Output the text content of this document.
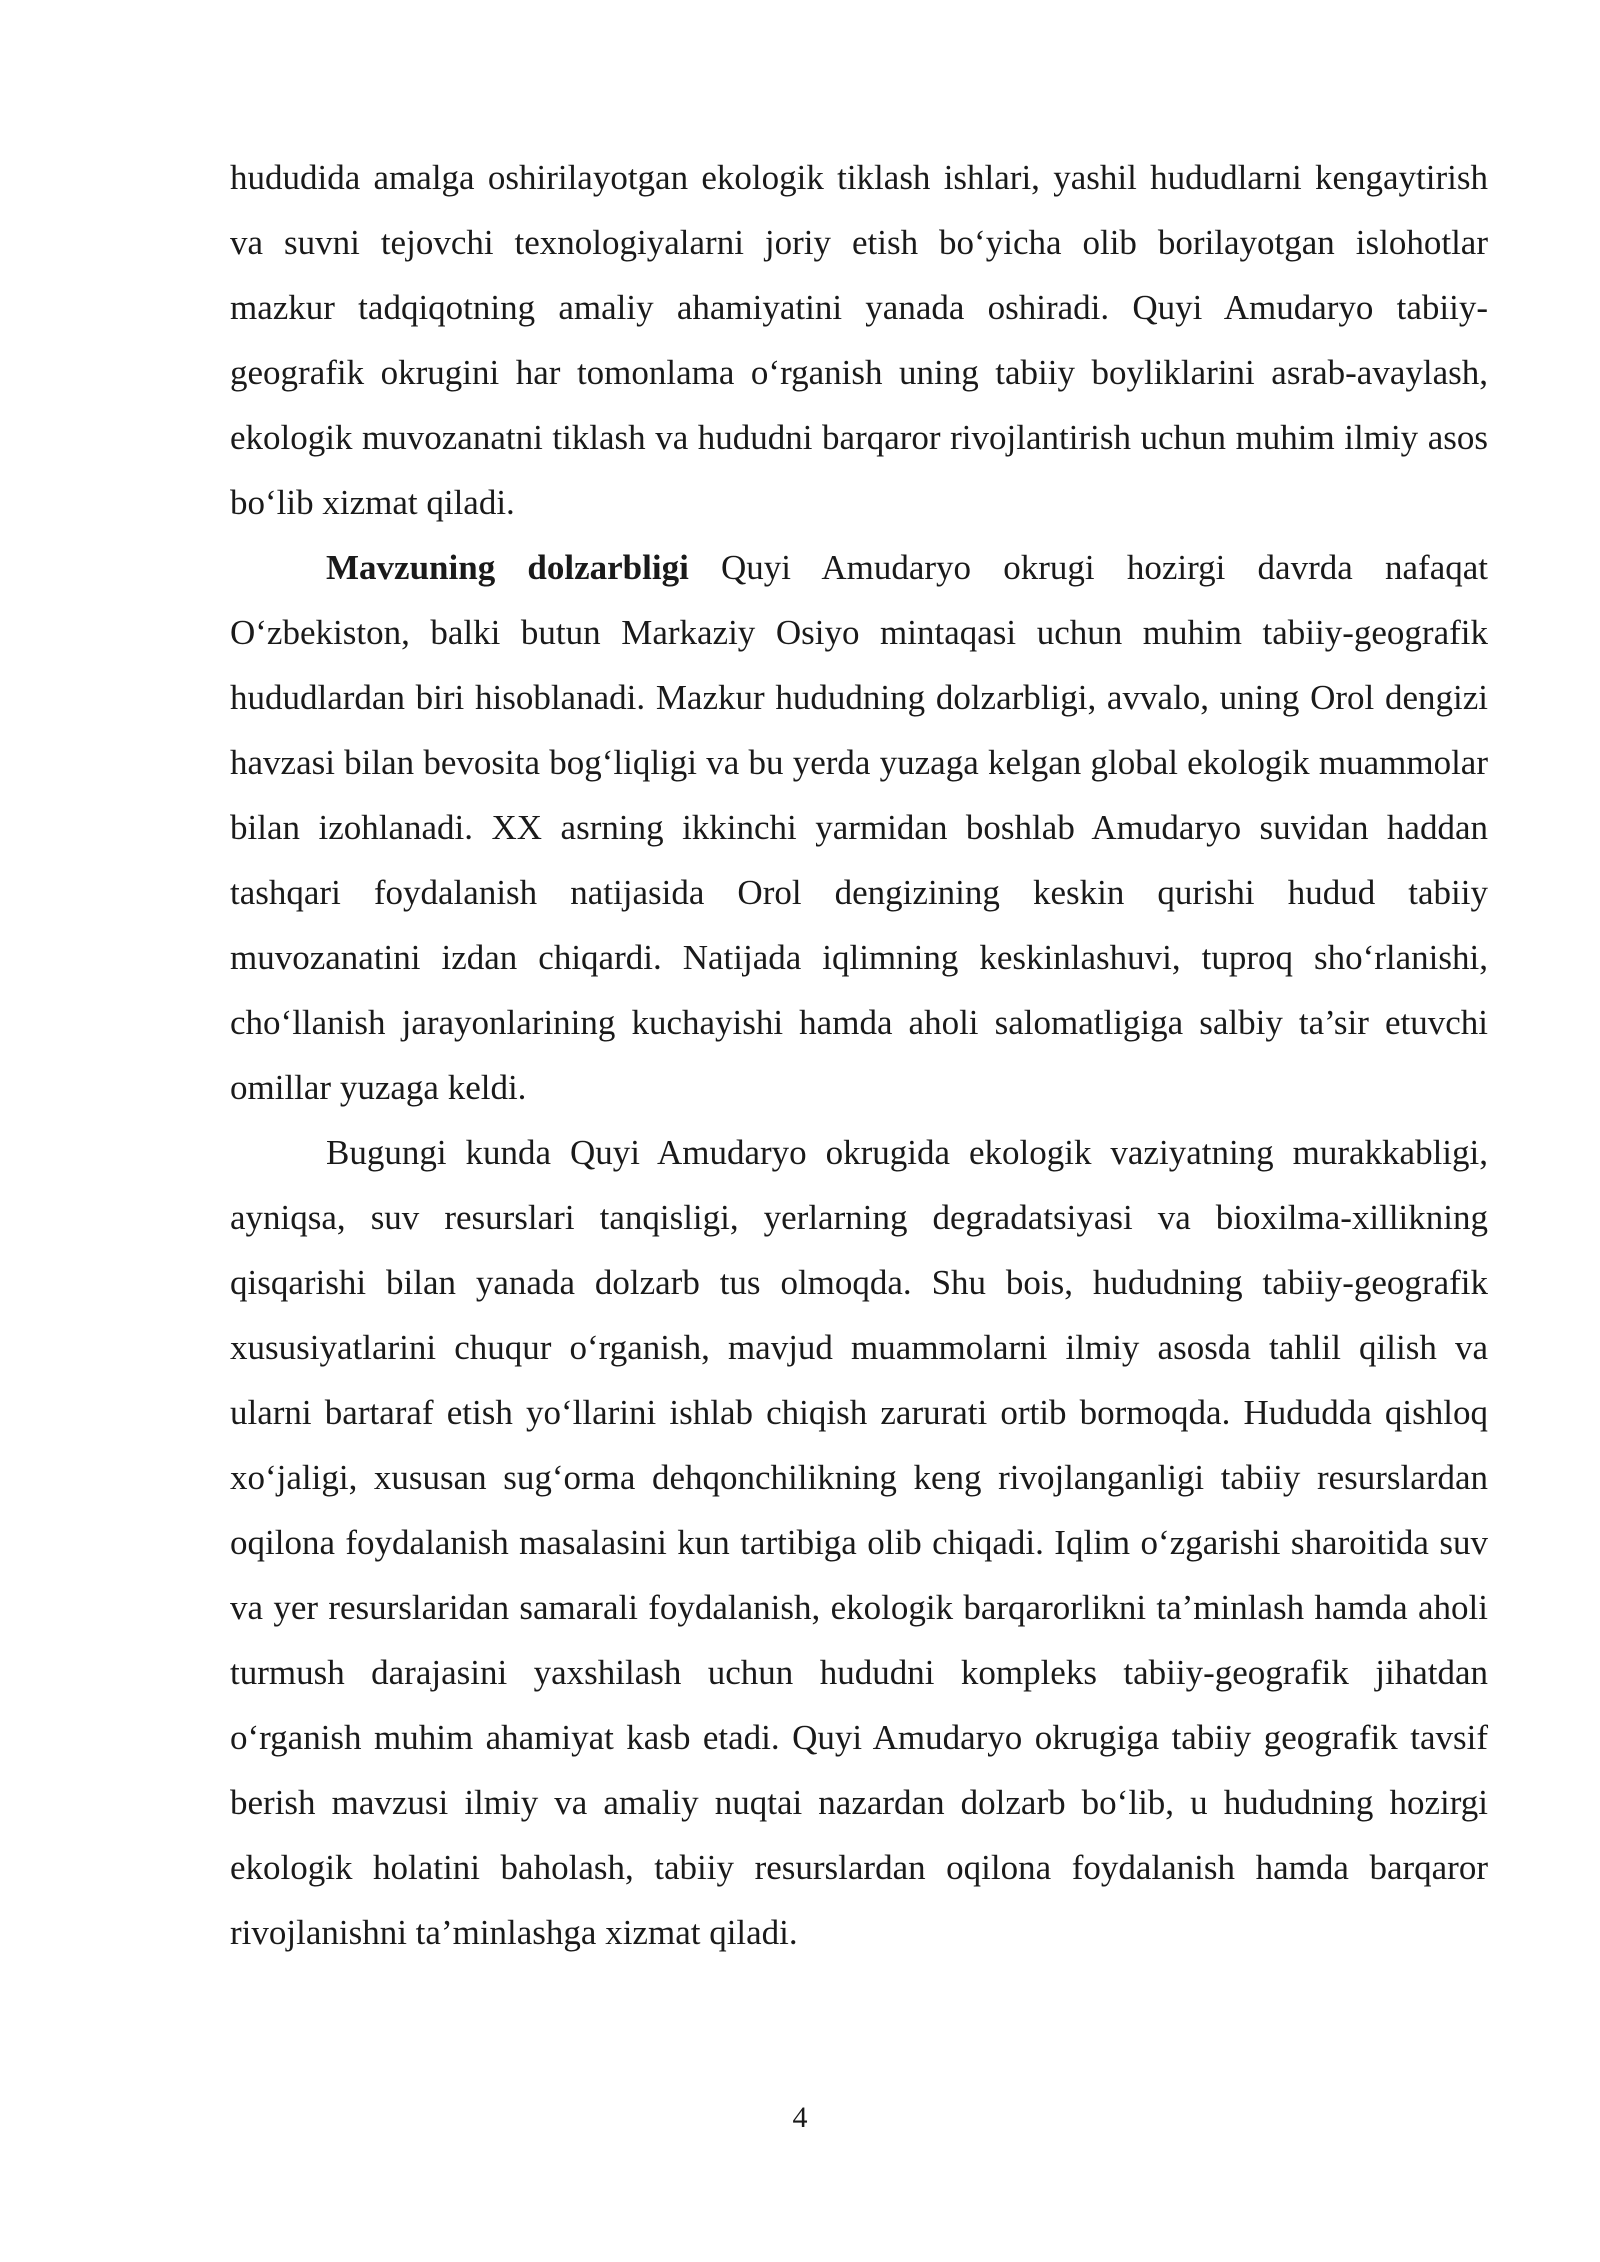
hududida amalga oshirilayotgan ekologik tiklash ishlari, yashil hududlarni kengaytirish va suvni tejovchi texnologiyalarni joriy etish bo‘yicha olib borilayotgan islohotlar mazkur tadqiqotning amaliy ahamiyatini yanada oshiradi. Quyi Amudaryo tabiiy-geografik okrugini har tomonlama o‘rganish uning tabiiy boyliklarini asrab-avaylash, ekologik muvozanatni tiklash va hududni barqaror rivojlantirish uchun muhim ilmiy asos bo‘lib xizmat qiladi.

Mavzuning dolzarbligi Quyi Amudaryo okrugi hozirgi davrda nafaqat O‘zbekiston, balki butun Markaziy Osiyo mintaqasi uchun muhim tabiiy-geografik hududlardan biri hisoblanadi. Mazkur hududning dolzarbligi, avvalo, uning Orol dengizi havzasi bilan bevosita bog‘liqligi va bu yerda yuzaga kelgan global ekologik muammolar bilan izohlanadi. XX asrning ikkinchi yarmidan boshlab Amudaryo suvidan haddan tashqari foydalanish natijasida Orol dengizining keskin qurishi hudud tabiiy muvozanatini izdan chiqardi. Natijada iqlimning keskinlashuvi, tuproq sho‘rlanishi, cho‘llanish jarayonlarining kuchayishi hamda aholi salomatligiga salbiy ta’sir etuvchi omillar yuzaga keldi.

Bugungi kunda Quyi Amudaryo okrugida ekologik vaziyatning murakkabligi, ayniqsa, suv resurslari tanqisligi, yerlarning degradatsiyasi va bioxilma-xillikning qisqarishi bilan yanada dolzarb tus olmoqda. Shu bois, hududning tabiiy-geografik xususiyatlarini chuqur o‘rganish, mavjud muammolarni ilmiy asosda tahlil qilish va ularni bartaraf etish yo‘llarini ishlab chiqish zarurati ortib bormoqda. Hududda qishloq xo‘jaligi, xususan sug‘orma dehqonchilikning keng rivojlanganligi tabiiy resurslardan oqilona foydalanish masalasini kun tartibiga olib chiqadi. Iqlim o‘zgarishi sharoitida suv va yer resurslaridan samarali foydalanish, ekologik barqarorlikni ta’minlash hamda aholi turmush darajasini yaxshilash uchun hududni kompleks tabiiy-geografik jihatdan o‘rganish muhim ahamiyat kasb etadi. Quyi Amudaryo okrugiga tabiiy geografik tavsif berish mavzusi ilmiy va amaliy nuqtai nazardan dolzarb bo‘lib, u hududning hozirgi ekologik holatini baholash, tabiiy resurslardan oqilona foydalanish hamda barqaror rivojlanishni ta’minlashga xizmat qiladi.

4
